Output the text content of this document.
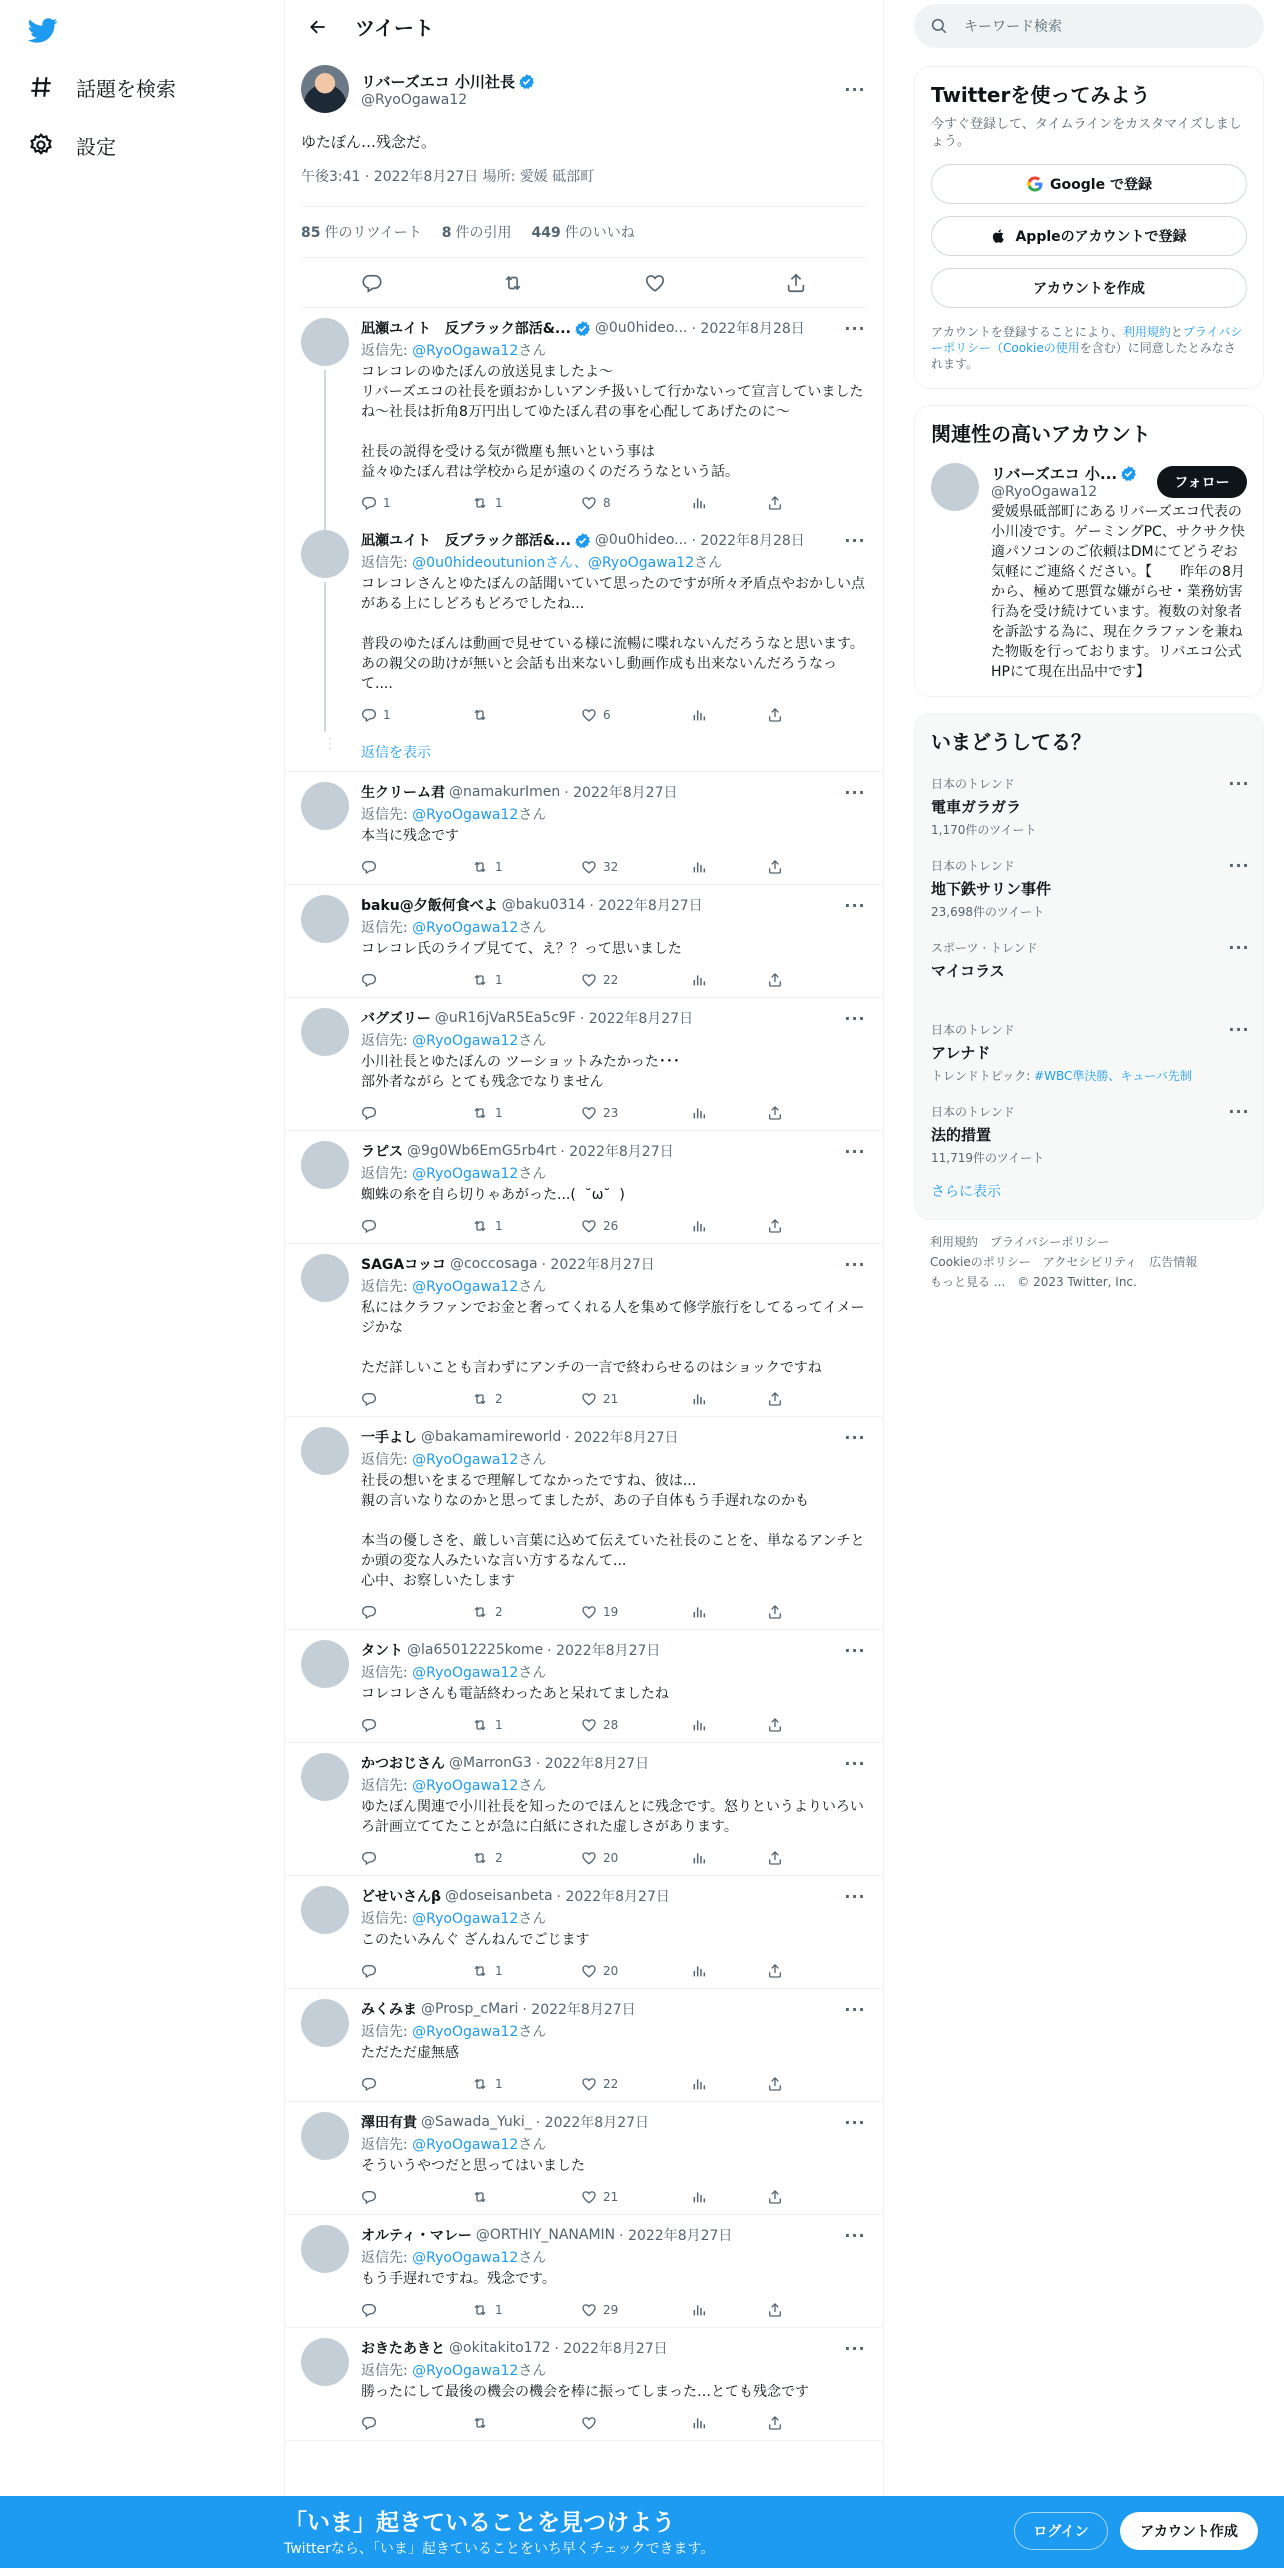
話題を検索
設定
ツイート
リバーズエコ 小川社長
@RyoOgawa12
···
ゆたぼん…残念だ。
午後3:41 · 2022年8月27日 場所: 愛媛 砥部町
85 件のリツイート 8 件の引用 449 件のいいね
凪瀬ユイト　反ブラック部活&... @0u0hideo... · 2022年8月28日 ···
返信先: @RyoOgawa12さん
コレコレのゆたぼんの放送見ましたよ〜
リバーズエコの社長を頭おかしいアンチ扱いして行かないって宣言していましたね〜社長は折角8万円出してゆたぼん君の事を心配してあげたのに〜

社長の説得を受ける気が微塵も無いという事は
益々ゆたぼん君は学校から足が遠のくのだろうなという話。
1	1	8
凪瀬ユイト　反ブラック部活&... @0u0hideo... · 2022年8月28日 ···
返信先: @0u0hideoutunionさん、@RyoOgawa12さん
コレコレさんとゆたぼんの話聞いていて思ったのですが所々矛盾点やおかしい点がある上にしどろもどろでしたね...

普段のゆたぼんは動画で見せている様に流暢に喋れないんだろうなと思います。あの親父の助けが無いと会話も出来ないし動画作成も出来ないんだろうなって....
1	6
⋮
返信を表示
生クリーム君 @namakurImen · 2022年8月27日	···
返信先: @RyoOgawa12さん
本当に残念です
1	32
baku@夕飯何食べよ @baku0314 · 2022年8月27日	···
返信先: @RyoOgawa12さん
コレコレ氏のライブ見てて、え？？って思いました
1	22
バグズリー @uR16jVaR5Ea5c9F · 2022年8月27日	···
返信先: @RyoOgawa12さん
小川社長とゆたぼんの ツーショットみたかった･･･
部外者ながら とても残念でなりません
1	23
ラピス @9g0Wb6EmG5rb4rt · 2022年8月27日	···
返信先: @RyoOgawa12さん
蜘蛛の糸を自ら切りゃあがった...(  ˘ω˘  )
1	26
SAGAコッコ @coccosaga · 2022年8月27日	···
返信先: @RyoOgawa12さん
私にはクラファンでお金と奢ってくれる人を集めて修学旅行をしてるってイメージかな

ただ詳しいことも言わずにアンチの一言で終わらせるのはショックですね
2	21
一手よし @bakamamireworld · 2022年8月27日	···
返信先: @RyoOgawa12さん
社長の想いをまるで理解してなかったですね、彼は...
親の言いなりなのかと思ってましたが、あの子自体もう手遅れなのかも

本当の優しさを、厳しい言葉に込めて伝えていた社長のことを、単なるアンチとか頭の変な人みたいな言い方するなんて...
心中、お察しいたします
2	19
タント @la65012225kome · 2022年8月27日	···
返信先: @RyoOgawa12さん
コレコレさんも電話終わったあと呆れてましたね
1	28
かつおじさん @MarronG3 · 2022年8月27日	···
返信先: @RyoOgawa12さん
ゆたぼん関連で小川社長を知ったのでほんとに残念です。怒りというよりいろいろ計画立ててたことが急に白紙にされた虚しさがあります。
2	20
どせいさんβ @doseisanbeta · 2022年8月27日	···
返信先: @RyoOgawa12さん
このたいみんぐ ざんねんでごじます
1	20
みくみま @Prosp_cMari · 2022年8月27日	···
返信先: @RyoOgawa12さん
ただただ虚無感
1	22
澤田有貴 @Sawada_Yuki_ · 2022年8月27日	···
返信先: @RyoOgawa12さん
そういうやつだと思ってはいました
21
オルティ・マレー @ORTHIY_NANAMIN · 2022年8月27日	···
返信先: @RyoOgawa12さん
もう手遅れですね。残念です。
1	29
おきたあきと @okitakito172 · 2022年8月27日	···
返信先: @RyoOgawa12さん
勝ったにして最後の機会の機会を棒に振ってしまった…とても残念です
キーワード検索
Twitterを使ってみよう
今すぐ登録して、タイムラインをカスタマイズしましょう。
Google で登録
Appleのアカウントで登録
アカウントを作成
アカウントを登録することにより、利用規約とプライバシーポリシー（Cookieの使用を含む）に同意したとみなされます。
関連性の高いアカウント
リバーズエコ 小...
@RyoOgawa12
フォロー
愛媛県砥部町にあるリバーズエコ代表の小川凌です。ゲーミングPC、サクサク快適パソコンのご依頼はDMにてどうぞお気軽にご連絡ください。【　　昨年の8月から、極めて悪質な嫌がらせ・業務妨害行為を受け続けています。複数の対象者を訴訟する為に、現在クラファンを兼ねた物販を行っております。リバエコ公式HPにて現在出品中です】
いまどうしてる？
日本のトレンド
電車ガラガラ
1,170件のツイート
···
日本のトレンド
地下鉄サリン事件
23,698件のツイート
···
スポーツ · トレンド
マイコラス
···
日本のトレンド
アレナド
トレンドトピック: #WBC準決勝、キューバ先制
···
日本のトレンド
法的措置
11,719件のツイート
···
さらに表示
利用規約 プライバシーポリシー
Cookieのポリシー アクセシビリティ 広告情報
もっと見る ... © 2023 Twitter, Inc.
「いま」起きていることを見つけよう
Twitterなら、「いま」起きていることをいち早くチェックできます。
ログイン	アカウント作成
